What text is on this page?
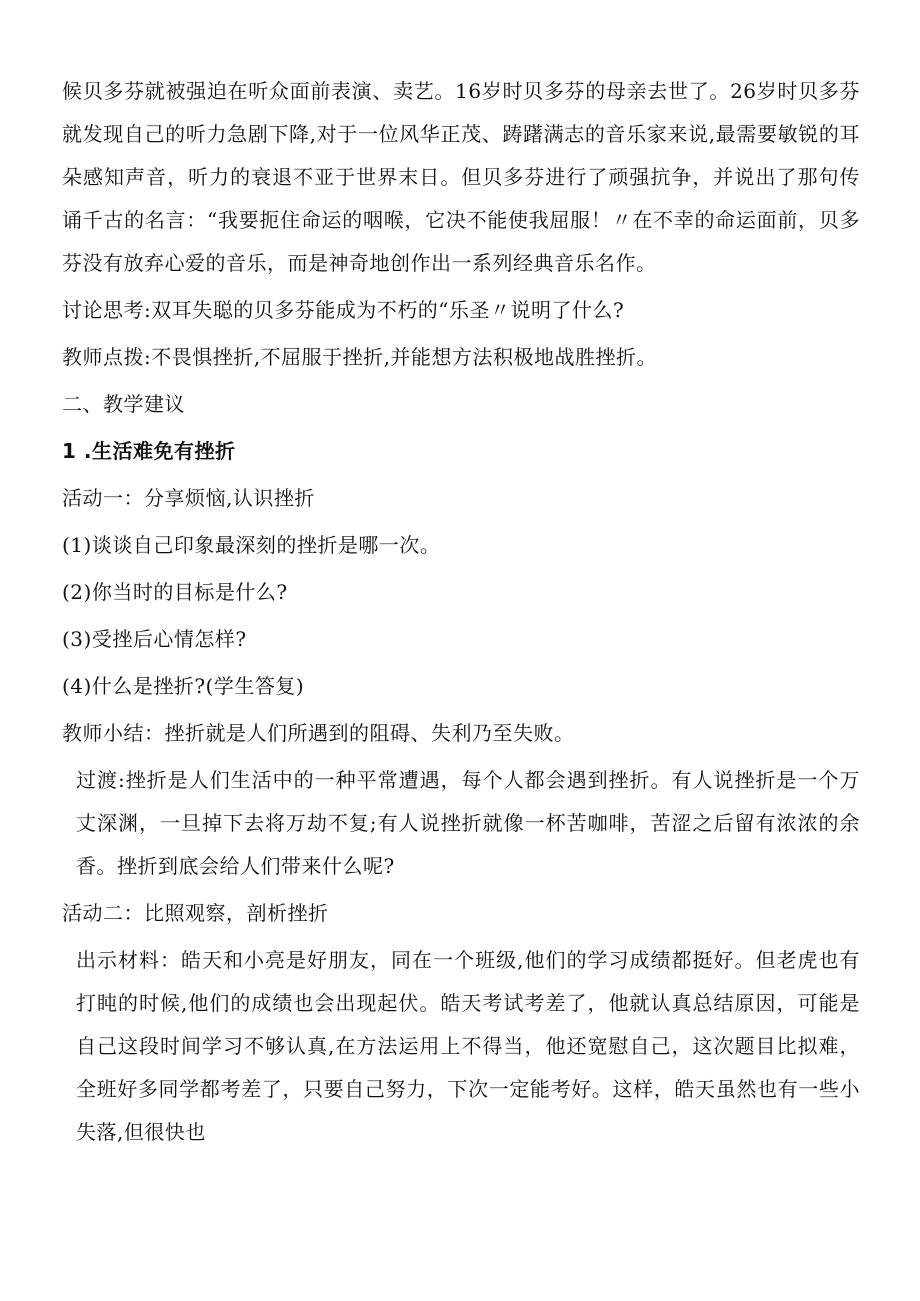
候贝多芬就被强迫在听众面前表演、卖艺。16岁时贝多芬的母亲去世了。26岁时贝多芬就发现自己的听力急剧下降,对于一位风华正茂、踌躇满志的音乐家来说,最需要敏锐的耳朵感知声音，听力的衰退不亚于世界末日。但贝多芬进行了顽强抗争，并说出了那句传诵千古的名言：“我要扼住命运的咽喉，它决不能使我屈服！〃在不幸的命运面前，贝多芬没有放弃心爱的音乐，而是神奇地创作出一系列经典音乐名作。

讨论思考:双耳失聪的贝多芬能成为不朽的“乐圣〃说明了什么?

教师点拨:不畏惧挫折,不屈服于挫折,并能想方法积极地战胜挫折。

二、教学建议

1 .生活难免有挫折

活动一：分享烦恼,认识挫折

(1)谈谈自己印象最深刻的挫折是哪一次。

(2)你当时的目标是什么?

(3)受挫后心情怎样?

(4)什么是挫折?(学生答复)

教师小结：挫折就是人们所遇到的阻碍、失利乃至失败。

过渡:挫折是人们生活中的一种平常遭遇，每个人都会遇到挫折。有人说挫折是一个万丈深渊，一旦掉下去将万劫不复;有人说挫折就像一杯苦咖啡，苦涩之后留有浓浓的余香。挫折到底会给人们带来什么呢?

活动二：比照观察，剖析挫折

出示材料：皓天和小亮是好朋友，同在一个班级,他们的学习成绩都挺好。但老虎也有打盹的时候,他们的成绩也会出现起伏。皓天考试考差了，他就认真总结原因，可能是自己这段时间学习不够认真,在方法运用上不得当，他还宽慰自己，这次题目比拟难，全班好多同学都考差了，只要自己努力，下次一定能考好。这样，皓天虽然也有一些小失落,但很快也
